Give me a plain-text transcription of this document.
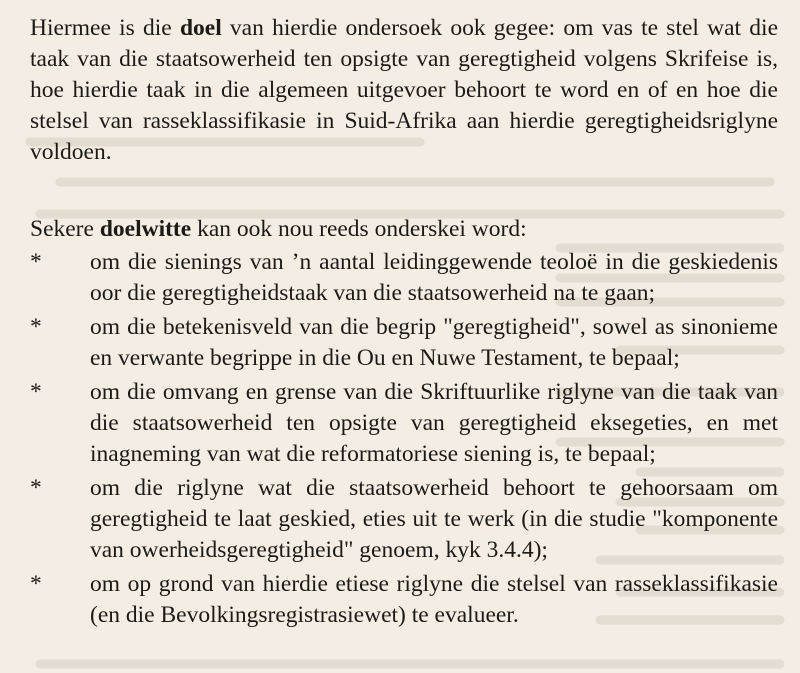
Hiermee is die doel van hierdie ondersoek ook gegee: om vas te stel wat die taak van die staatsowerheid ten opsigte van geregtigheid volgens Skrifeise is, hoe hierdie taak in die algemeen uitgevoer behoort te word en of en hoe die stelsel van rasseklassifikasie in Suid-Afrika aan hierdie geregtigheidsriglyne voldoen.

Sekere doelwitte kan ook nou reeds onderskei word:

*	om die sienings van ’n aantal leidinggewende teoloë in die geskiedenis oor die geregtigheidstaak van die staatsowerheid na te gaan;
*	om die betekenisveld van die begrip "geregtigheid", sowel as sinonieme en verwante begrippe in die Ou en Nuwe Testament, te bepaal;
*	om die omvang en grense van die Skriftuurlike riglyne van die taak van die staatsowerheid ten opsigte van geregtigheid eksegeties, en met inagneming van wat die reformatoriese siening is, te bepaal;
*	om die riglyne wat die staatsowerheid behoort te gehoorsaam om geregtigheid te laat geskied, eties uit te werk (in die studie "komponente van owerheidsgeregtigheid" genoem, kyk 3.4.4);
*	om op grond van hierdie etiese riglyne die stelsel van rasseklassifikasie (en die Bevolkingsregistrasiewet) te evalueer.
